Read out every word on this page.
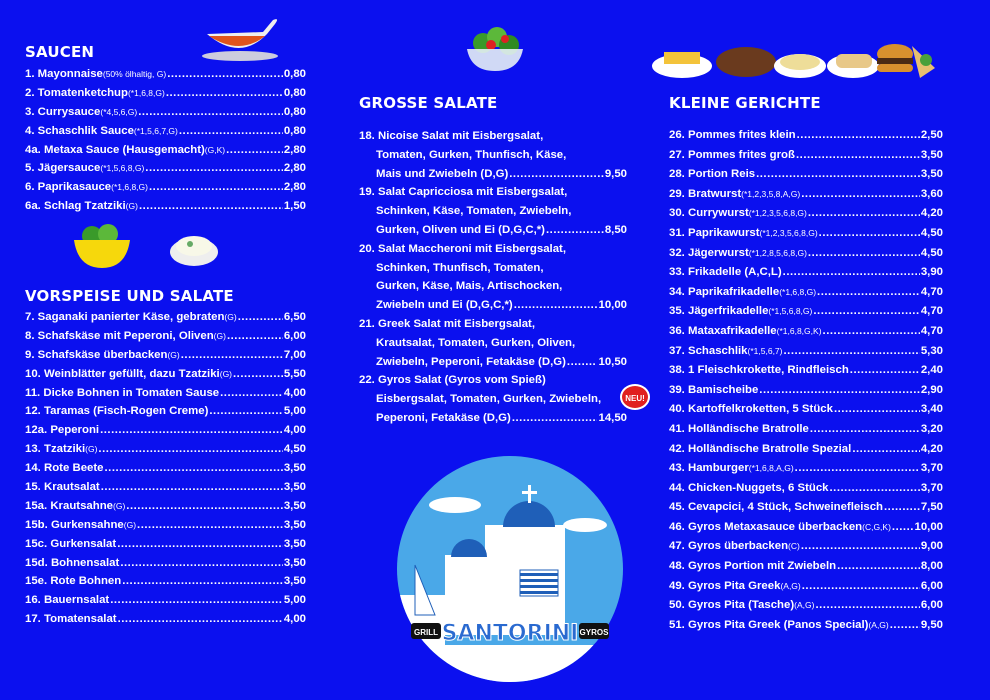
SAUCEN
1. Mayonnaise (50% ölhaltig, G) .....	0,80
2. Tomatenketchup (*1,6,8,G) .....	0,80
3. Currysauce (*4,5,6,G) .....	0,80
4. Schaschlik Sauce (*1,5,6,7,G) .....	0,80
4a. Metaxa Sauce (Hausgemacht) (G,K) .....	2,80
5. Jägersauce (*1,5,6,8,G) .....	2,80
6. Paprikasauce (*1,6,8,G) .....	2,80
6a. Schlag Tzatziki (G) .....	1,50
VORSPEISE UND SALATE
7. Saganaki panierter Käse, gebraten (G) .....	6,50
8. Schafskäse mit Peperoni, Oliven (G) .....	6,00
9. Schafskäse überbacken (G) .....	7,00
10. Weinblätter gefüllt, dazu Tzatziki (G) .....	5,50
11. Dicke Bohnen in Tomaten Sause .....	4,00
12. Taramas (Fisch-Rogen Creme) .....	5,00
12a. Peperoni .....	4,00
13. Tzatziki (G) .....	4,50
14. Rote Beete .....	3,50
15. Krautsalat .....	3,50
15a. Krautsahne (G) .....	3,50
15b. Gurkensahne (G) .....	3,50
15c. Gurkensalat .....	3,50
15d. Bohnensalat .....	3,50
15e. Rote Bohnen .....	3,50
16. Bauernsalat .....	5,00
17. Tomatensalat .....	4,00
GROSSE SALATE
18. Nicoise Salat mit Eisbergsalat,
Tomaten, Gurken, Thunfisch, Käse,
Mais und Zwiebeln (D,G) .....	9,50
19. Salat Capricciosa mit Eisbergsalat,
Schinken, Käse, Tomaten, Zwiebeln,
Gurken, Oliven und Ei (D,G,C,*) .....	8,50
20. Salat Maccheroni mit Eisbergsalat,
Schinken, Thunfisch, Tomaten,
Gurken, Käse, Mais, Artischocken,
Zwiebeln und Ei (D,G,C,*) .....	10,00
21. Greek Salat mit Eisbergsalat,
Krautsalat, Tomaten, Gurken, Oliven,
Zwiebeln, Peperoni, Fetakäse (D,G) .....	10,50
22. Gyros Salat (Gyros vom Spieß)
Eisbergsalat, Tomaten, Gurken, Zwiebeln,
Peperoni, Fetakäse (D,G) .....	14,50
KLEINE GERICHTE
26. Pommes frites klein .....	2,50
27. Pommes frites groß .....	3,50
28. Portion Reis .....	3,50
29. Bratwurst (*1,2,3,5,8,A,G) .....	3,60
30. Currywurst (*1,2,3,5,6,8,G) .....	4,20
31. Paprikawurst (*1,2,3,5,6,8,G) .....	4,50
32. Jägerwurst (*1,2,8,5,6,8,G) .....	4,50
33. Frikadelle (A,C,L) .....	3,90
34. Paprikafrikadelle (*1,6,8,G) .....	4,70
35. Jägerfrikadelle (*1,5,6,8,G) .....	4,70
36. Mataxafrikadelle (*1,6,8,G,K) .....	4,70
37. Schaschlik (*1,5,6,7) .....	5,30
38. 1 Fleischkrokette, Rindfleisch .....	2,40
39. Bamischeibe .....	2,90
40. Kartoffelkroketten, 5 Stück .....	3,40
41. Holländische Bratrolle .....	3,20
42. Holländische Bratrolle Spezial .....	4,20
43. Hamburger (*1,6,8,A,G) .....	3,70
44. Chicken-Nuggets, 6 Stück .....	3,70
45. Cevapcici, 4 Stück, Schweinefleisch .....	7,50
46. Gyros Metaxasauce überbacken (C,G,K) ..... 10,00
47. Gyros überbacken (C) .....	9,00
48. Gyros Portion mit Zwiebeln .....	8,00
49. Gyros Pita Greek (A,G) .....	6,00
50. Gyros Pita (Tasche) (A,G) .....	6,00
51. Gyros Pita Greek (Panos Special) (A,G) .....	9,50
NEU!
GRILL SANTORINI GYROS
